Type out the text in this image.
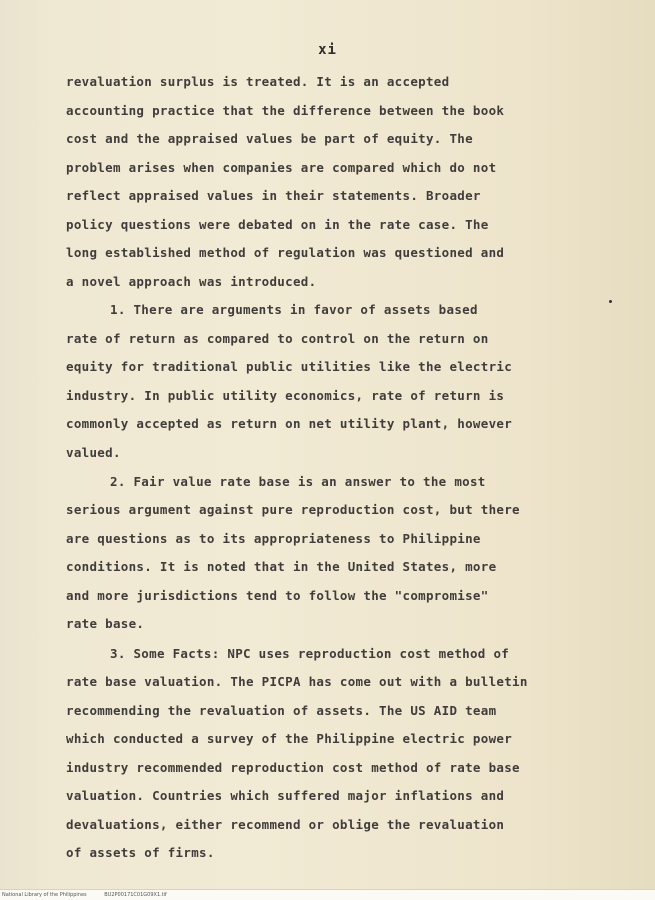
xi
revaluation surplus is treated. It is an accepted
accounting practice that the difference between the book
cost and the appraised values be part of equity. The
problem arises when companies are compared which do not
reflect appraised values in their statements. Broader
policy questions were debated on in the rate case. The
long established method of regulation was questioned and
a novel approach was introduced.
1. There are arguments in favor of assets based
rate of return as compared to control on the return on
equity for traditional public utilities like the electric
industry. In public utility economics, rate of return is
commonly accepted as return on net utility plant, however
valued.
2. Fair value rate base is an answer to the most
serious argument against pure reproduction cost, but there
are questions as to its appropriateness to Philippine
conditions. It is noted that in the United States, more
and more jurisdictions tend to follow the "compromise"
rate base.
3. Some Facts: NPC uses reproduction cost method of
rate base valuation. The PICPA has come out with a bulletin
recommending the revaluation of assets. The US AID team
which conducted a survey of the Philippine electric power
industry recommended reproduction cost method of rate base
valuation. Countries which suffered major inflations and
devaluations, either recommend or oblige the revaluation
of assets of firms.
National Library of the Philippines	BU2P00171C01G09X1.tif
